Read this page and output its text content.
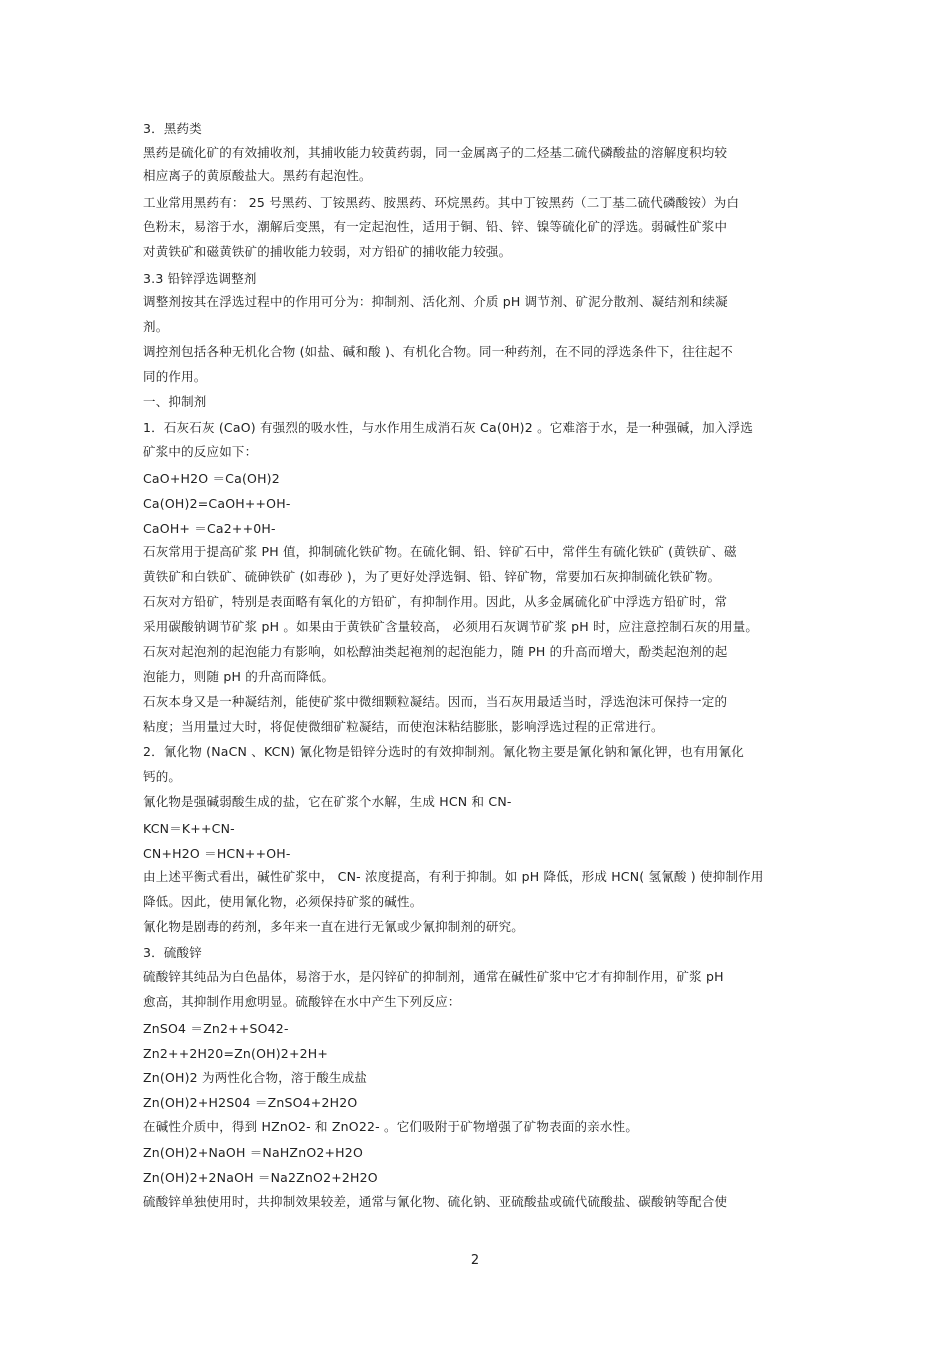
3．黑药类
黑药是硫化矿的有效捕收剂，其捕收能力较黄药弱，同一金属离子的二烃基二硫代磷酸盐的溶解度积均较
相应离子的黄原酸盐大。黑药有起泡性。
工业常用黑药有： 25 号黑药、丁铵黑药、胺黑药、环烷黑药。其中丁铵黑药（二丁基二硫代磷酸铵）为白
色粉末，易溶于水，潮解后变黑，有一定起泡性，适用于铜、铅、锌、镍等硫化矿的浮选。弱碱性矿浆中
对黄铁矿和磁黄铁矿的捕收能力较弱，对方铅矿的捕收能力较强。
3.3 铅锌浮选调整剂
调整剂按其在浮选过程中的作用可分为：抑制剂、活化剂、介质 pH 调节剂、矿泥分散剂、凝结剂和续凝
剂。
调控剂包括各种无机化合物 (如盐、碱和酸 )、有机化合物。同一种药剂，在不同的浮选条件下，往往起不
同的作用。
一、抑制剂
1．石灰石灰 (CaO) 有强烈的吸水性，与水作用生成消石灰 Ca(0H)2 。它难溶于水，是一种强碱，加入浮选
矿浆中的反应如下：
CaO+H2O ＝Ca(OH)2
Ca(OH)2=CaOH++OH-
CaOH+ ＝Ca2++0H-
石灰常用于提高矿浆 PH 值，抑制硫化铁矿物。在硫化铜、铅、锌矿石中，常伴生有硫化铁矿 (黄铁矿、磁
黄铁矿和白铁矿、硫砷铁矿 (如毒砂 )，为了更好处浮选铜、铅、锌矿物，常要加石灰抑制硫化铁矿物。
石灰对方铅矿，特别是表面略有氧化的方铅矿，有抑制作用。因此，从多金属硫化矿中浮选方铅矿时，常
采用碳酸钠调节矿浆 pH 。如果由于黄铁矿含量较高， 必须用石灰调节矿浆 pH 时，应注意控制石灰的用量。
石灰对起泡剂的起泡能力有影响，如松醇油类起袍剂的起泡能力，随 PH 的升高而增大，酚类起泡剂的起
泡能力，则随 pH 的升高而降低。
石灰本身又是一种凝结剂，能使矿浆中微细颗粒凝结。因而，当石灰用最适当时，浮选泡沫可保持一定的
粘度；当用量过大时，将促使微细矿粒凝结，而使泡沫粘结膨胀，影响浮选过程的正常进行。
2．氰化物 (NaCN 、KCN) 氰化物是铅锌分选时的有效抑制剂。氰化物主要是氰化钠和氰化钾，也有用氰化
钙的。
氰化物是强碱弱酸生成的盐，它在矿浆个水解，生成 HCN 和 CN-
KCN＝K++CN-
CN+H2O ＝HCN++OH-
由上述平衡式看出，碱性矿浆中， CN- 浓度提高，有利于抑制。如 pH 降低，形成 HCN( 氢氰酸 ) 使抑制作用
降低。因此，使用氰化物，必须保持矿浆的碱性。
氰化物是剧毒的药剂，多年来一直在进行无氰或少氰抑制剂的研究。
3．硫酸锌
硫酸锌其纯品为白色晶体，易溶于水，是闪锌矿的抑制剂，通常在碱性矿浆中它才有抑制作用，矿浆 pH
愈高，其抑制作用愈明显。硫酸锌在水中产生下列反应：
ZnSO4 ＝Zn2++SO42-
Zn2++2H20=Zn(OH)2+2H+
Zn(OH)2 为两性化合物，溶于酸生成盐
Zn(OH)2+H2S04 ＝ZnSO4+2H2O
在碱性介质中，得到 HZnO2- 和 ZnO22- 。它们吸附于矿物增强了矿物表面的亲水性。
Zn(OH)2+NaOH ＝NaHZnO2+H2O
Zn(OH)2+2NaOH ＝Na2ZnO2+2H2O
硫酸锌单独使用时，共抑制效果较差，通常与氰化物、硫化钠、亚硫酸盐或硫代硫酸盐、碳酸钠等配合使
2
